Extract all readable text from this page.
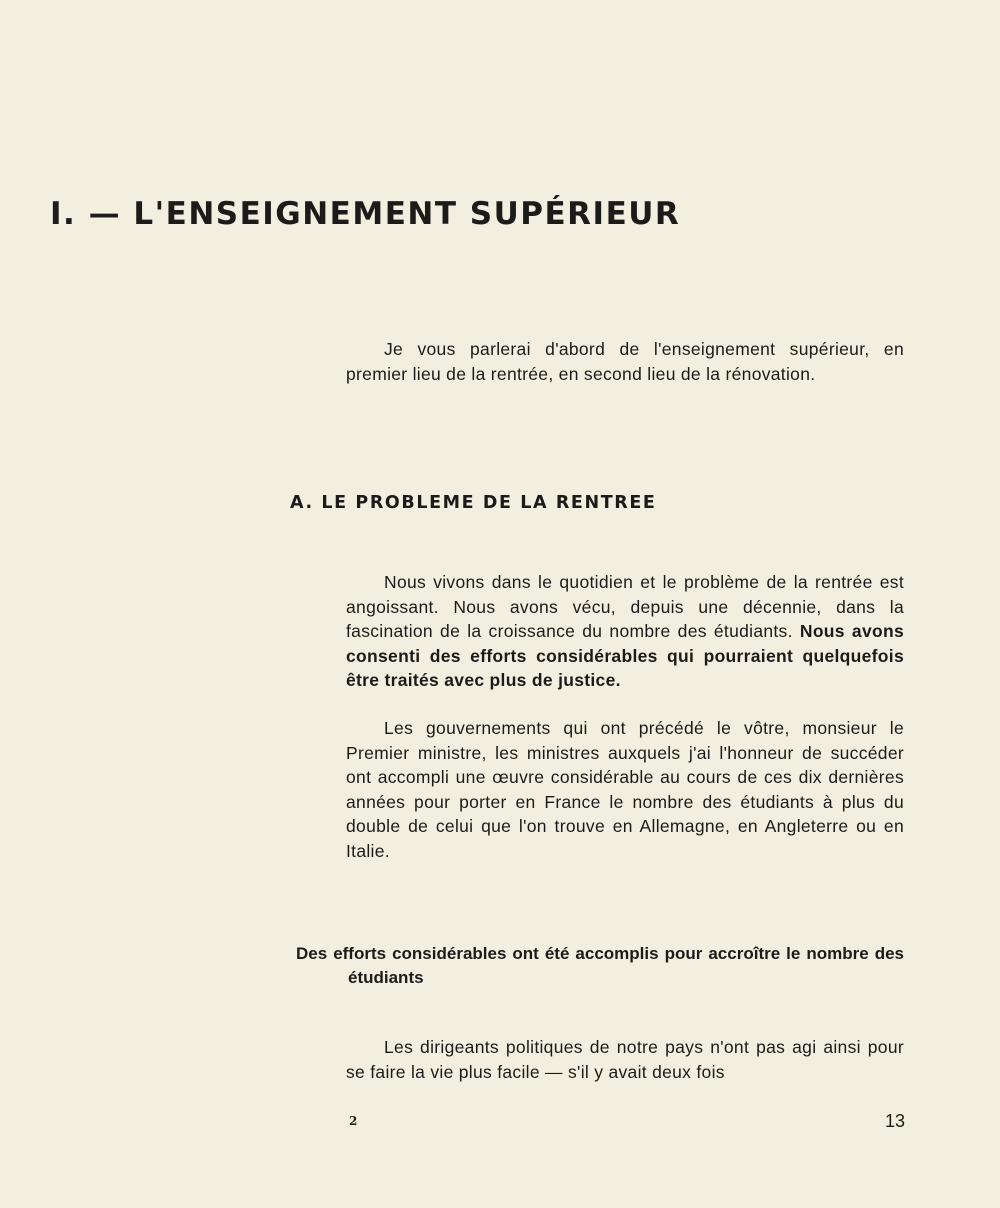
I. — L'ENSEIGNEMENT SUPÉRIEUR

Je vous parlerai d'abord de l'enseignement supérieur, en premier lieu de la rentrée, en second lieu de la rénovation.

A. LE PROBLEME DE LA RENTREE

Nous vivons dans le quotidien et le problème de la rentrée est angoissant. Nous avons vécu, depuis une décennie, dans la fascination de la croissance du nombre des étudiants. Nous avons consenti des efforts considérables qui pourraient quelquefois être traités avec plus de justice.

Les gouvernements qui ont précédé le vôtre, monsieur le Premier ministre, les ministres auxquels j'ai l'honneur de succéder ont accompli une œuvre considérable au cours de ces dix dernières années pour porter en France le nombre des étudiants à plus du double de celui que l'on trouve en Allemagne, en Angleterre ou en Italie.

Des efforts considérables ont été accomplis pour accroître le nombre des étudiants

Les dirigeants politiques de notre pays n'ont pas agi ainsi pour se faire la vie plus facile — s'il y avait deux fois

2	13
